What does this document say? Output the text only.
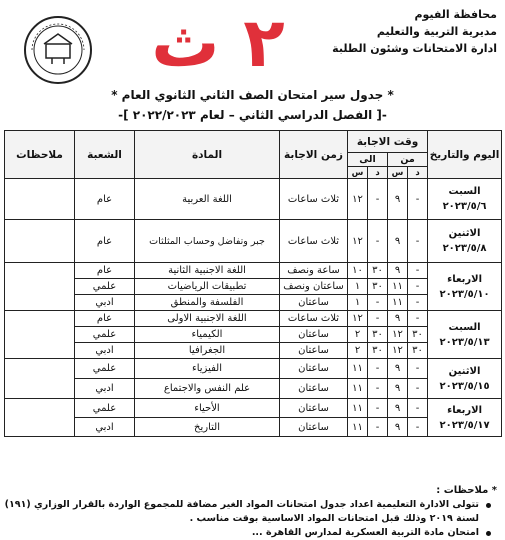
محافظة الفيوم
مديرية التربية والتعليم
ادارة الامتحانات وشئون الطلبة
٢ ث
* جدول سير امتحان الصف الثاني الثانوي العام *
-[ الفصل الدراسي الثاني – لعام ٢٠٢٢/٢٠٢٣ ]-
اليوم والتاريخ	وقت الاجابة				زمن الاجابة	المادة	الشعبة	ملاحظات
	من		الى					
	د	س	د	س				

السبت
٢٠٢٣/٥/٦	-	٩	-	١٢	ثلاث ساعات	اللغة العربية	عام	

الاثنين
٢٠٢٣/٥/٨	-	٩	-	١٢	ثلاث ساعات	جبر وتفاضل وحساب المثلثات	عام	

الاربعاء
٢٠٢٣/٥/١٠	-	٩	٣٠	١٠	ساعة ونصف	اللغة الاجنبية الثانية	عام	
	-	١١	٣٠	١	ساعتان ونصف	تطبيقات الرياضيات	علمي	
	-	١١	-	١	ساعتان	الفلسفة والمنطق	ادبي	

السبت
٢٠٢٣/٥/١٣	-	٩	-	١٢	ثلاث ساعات	اللغة الاجنبية الاولى	عام	
	٣٠	١٢	٣٠	٢	ساعتان	الكيمياء	علمي	
	٣٠	١٢	٣٠	٢	ساعتان	الجغرافيا	ادبي	

الاثنين
٢٠٢٣/٥/١٥	-	٩	-	١١	ساعتان	الفيزياء	علمي	
	-	٩	-	١١	ساعتان	علم النفس والاجتماع	ادبي	

الاربعاء
٢٠٢٣/٥/١٧	-	٩	-	١١	ساعتان	الأحياء	علمي	
	-	٩	-	١١	ساعتان	التاريخ	ادبي	
* ملاحظات :
تتولى الادارة التعليمية اعداد جدول امتحانات المواد الغير مضافة للمجموع الواردة بالقرار الوزاري (١٩١)
لسنة ٢٠١٩ وذلك قبل امتحانات المواد الاساسية بوقت مناسب .
امتحان مادة التربية العسكرية لمدارس القاهرة ...
